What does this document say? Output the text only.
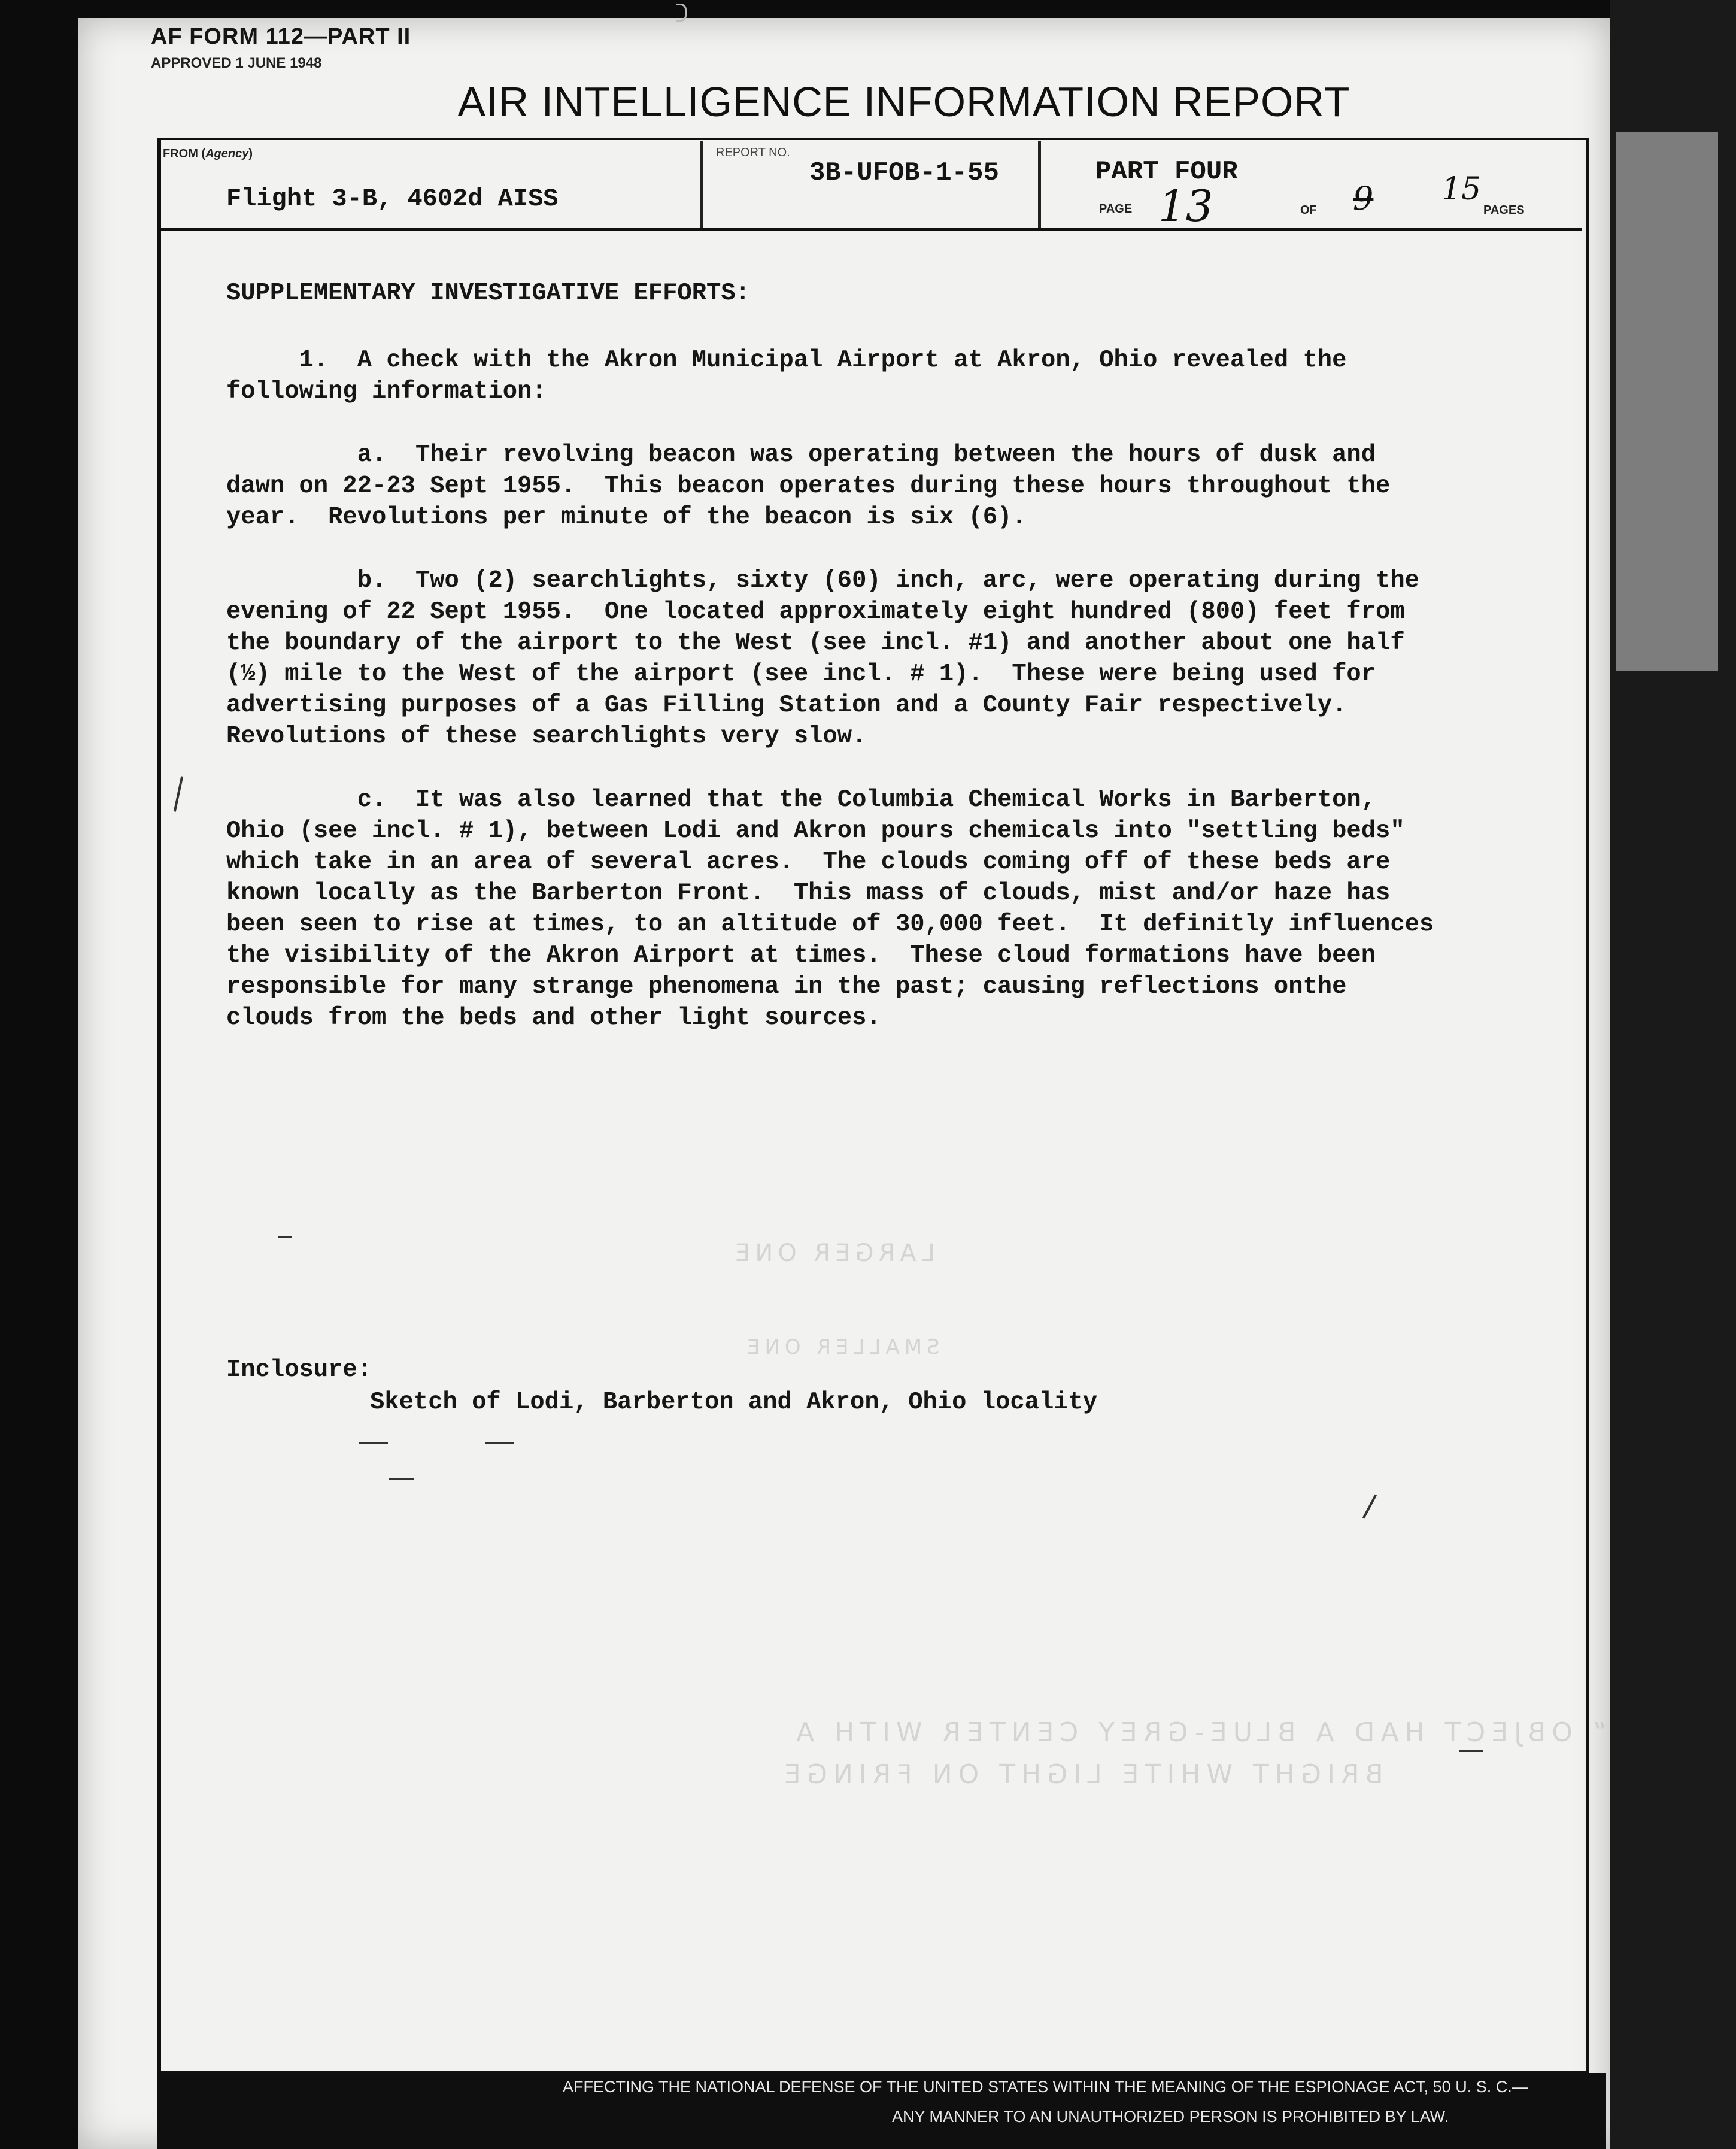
AF FORM 112—PART II
APPROVED 1 JUNE 1948
AIR INTELLIGENCE INFORMATION REPORT
FROM (Agency)
Flight 3-B, 4602d AISS
REPORT NO.
3B-UFOB-1-55	PART FOUR
PAGE 13	OF 9 15
PAGES
SUPPLEMENTARY INVESTIGATIVE EFFORTS:
1.  A check with the Akron Municipal Airport at Akron, Ohio revealed the
following information:
a.  Their revolving beacon was operating between the hours of dusk and
dawn on 22-23 Sept 1955.  This beacon operates during these hours throughout the
year.  Revolutions per minute of the beacon is six (6).
b.  Two (2) searchlights, sixty (60) inch, arc, were operating during the
evening of 22 Sept 1955.  One located approximately eight hundred (800) feet from
the boundary of the airport to the West (see incl. #1) and another about one half
(½) mile to the West of the airport (see incl. # 1).  These were being used for
advertising purposes of a Gas Filling Station and a County Fair respectively.
Revolutions of these searchlights very slow.
c.  It was also learned that the Columbia Chemical Works in Barberton,
Ohio (see incl. # 1), between Lodi and Akron pours chemicals into "settling beds"
which take in an area of several acres.  The clouds coming off of these beds are
known locally as the Barberton Front.  This mass of clouds, mist and/or haze has
been seen to rise at times, to an altitude of 30,000 feet.  It definitly influences
the visibility of the Akron Airport at times.  These cloud formations have been
responsible for many strange phenomena in the past; causing reflections onthe
clouds from the beds and other light sources.
Inclosure:
Sketch of Lodi, Barberton and Akron, Ohio locality
“ OBJECT HAD A BLUE-GREY CENTER WITH A
BRIGHT WHITE LIGHT ON FRINGE
LARGER ONE
SMALLER ONE
AFFECTING THE NATIONAL DEFENSE OF THE UNITED STATES WITHIN THE MEANING OF THE ESPIONAGE ACT, 50 U. S. C.—
ANY MANNER TO AN UNAUTHORIZED PERSON IS PROHIBITED BY LAW.
